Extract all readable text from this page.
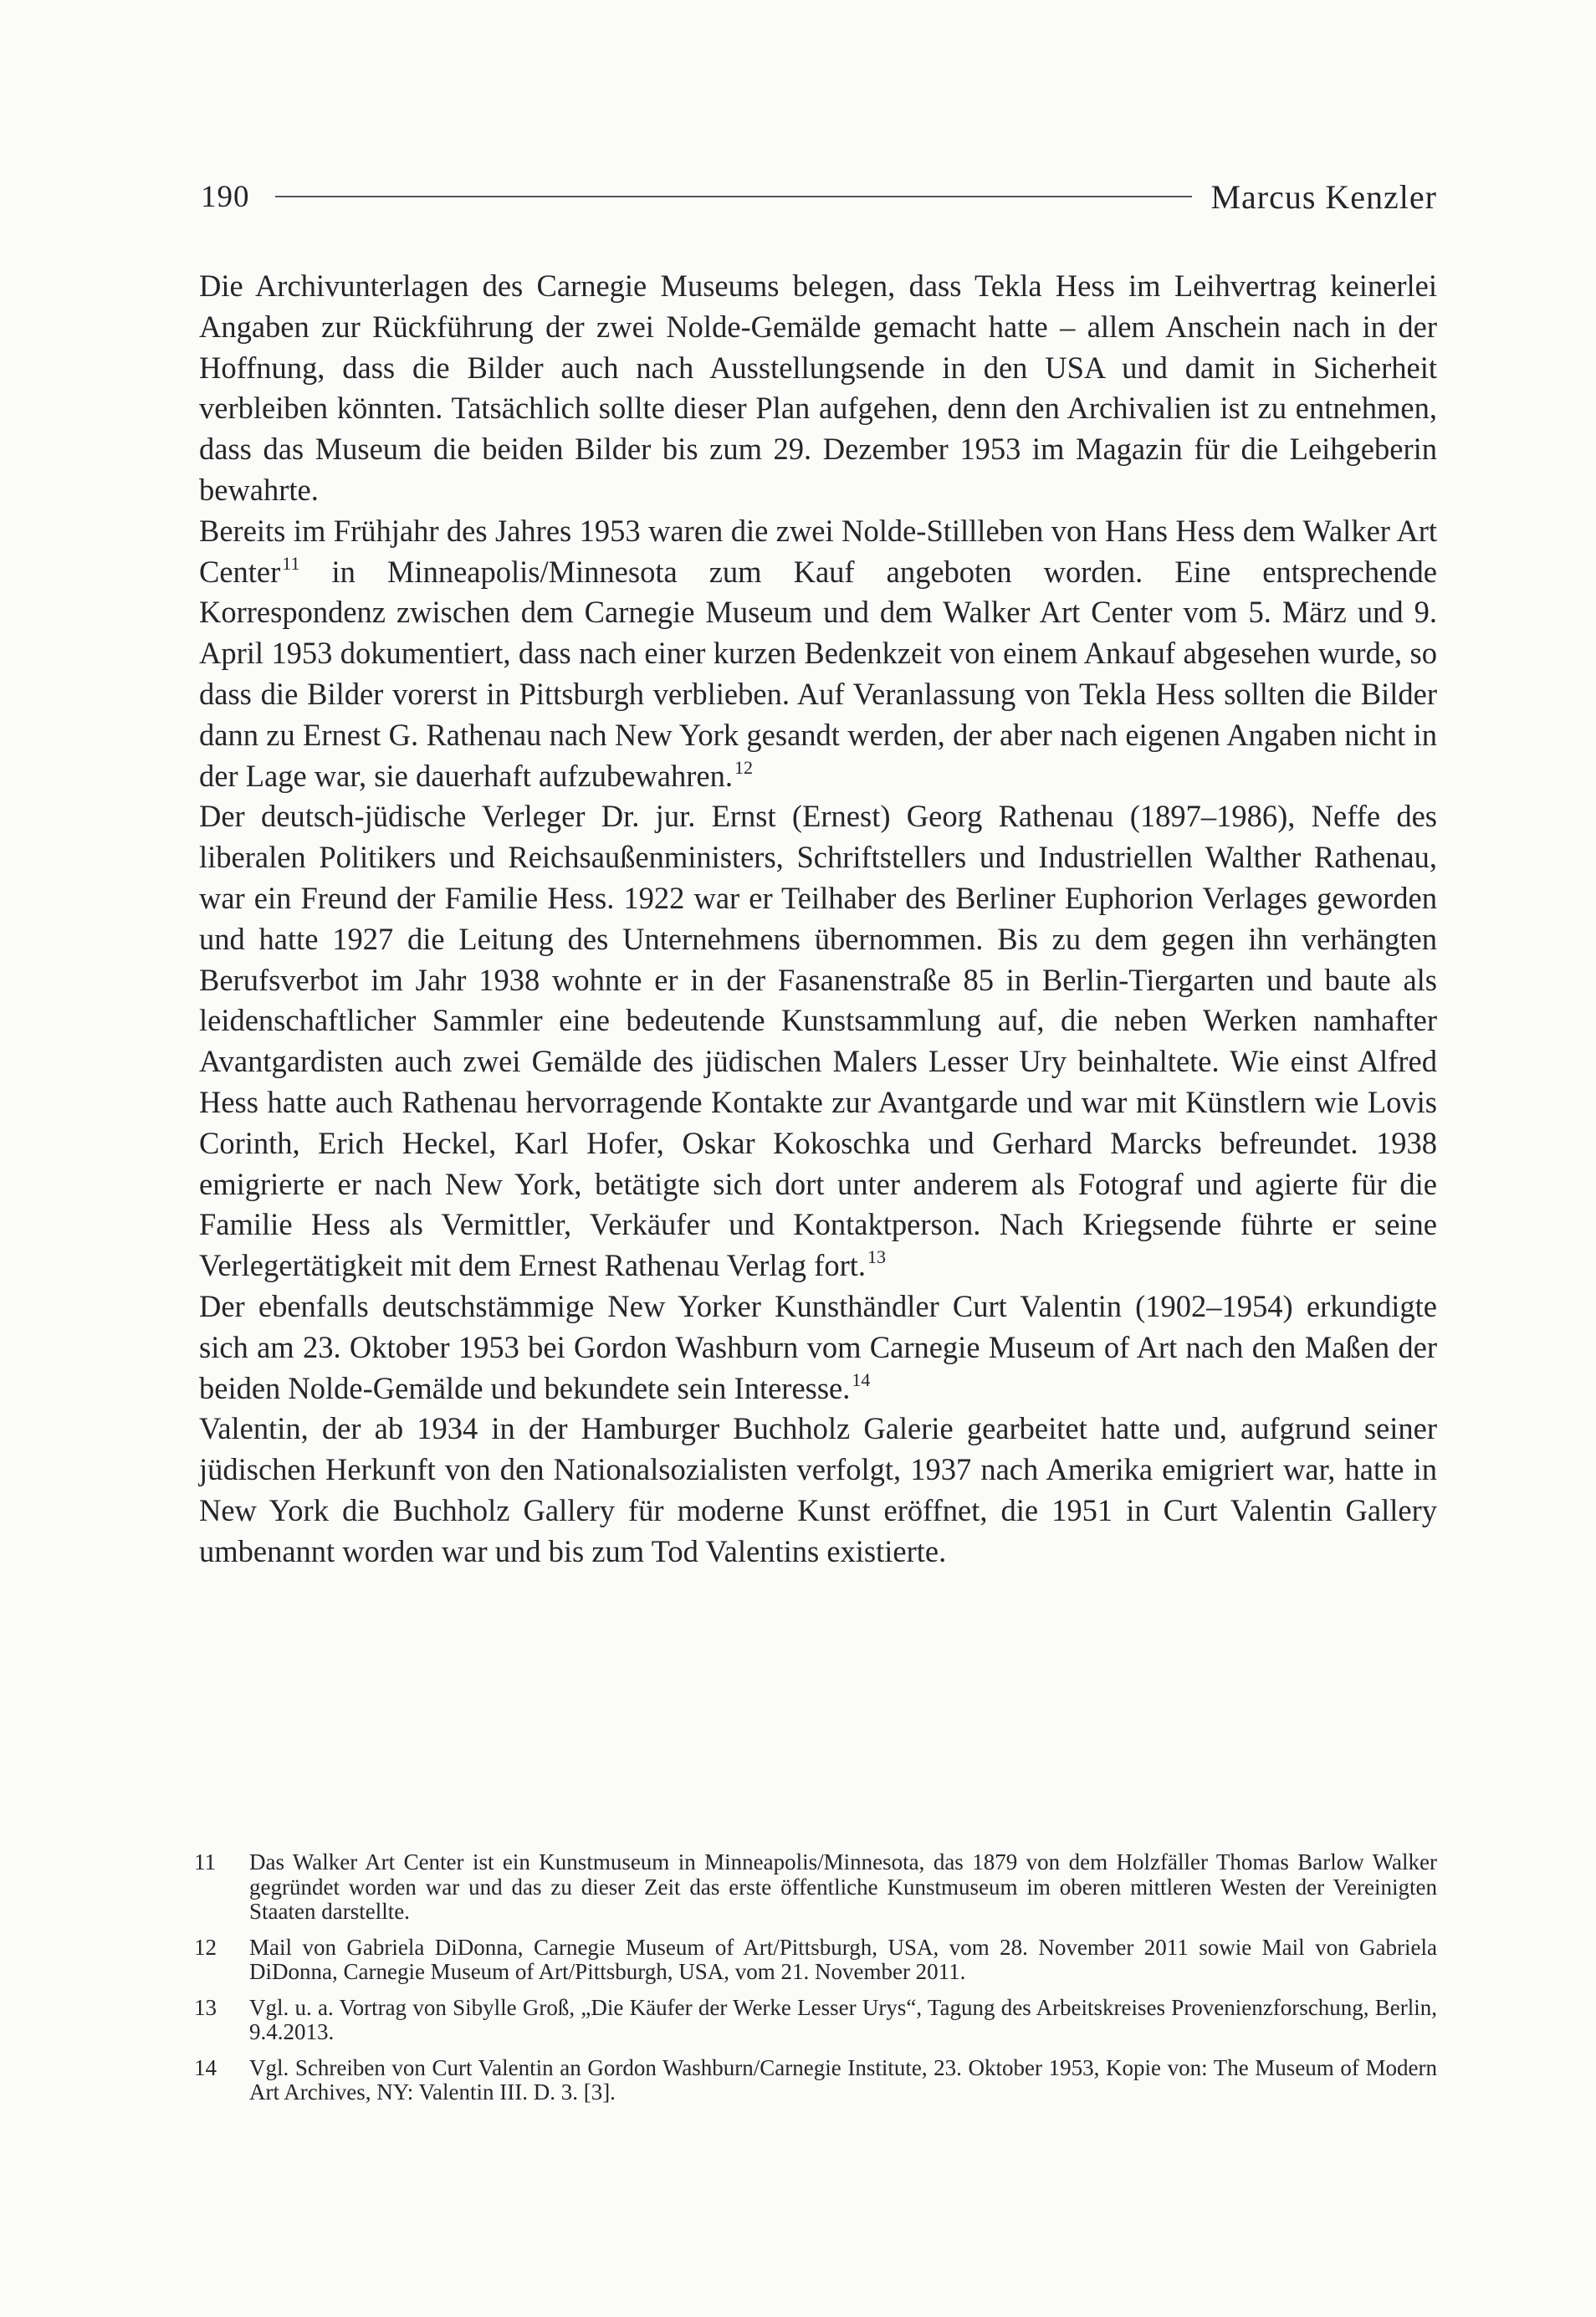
190	Marcus Kenzler

Die Archivunterlagen des Carnegie Museums belegen, dass Tekla Hess im Leihvertrag keinerlei Angaben zur Rückführung der zwei Nolde-Gemälde gemacht hatte – allem Anschein nach in der Hoffnung, dass die Bilder auch nach Ausstellungsende in den USA und damit in Sicherheit verbleiben könnten. Tatsächlich sollte dieser Plan aufgehen, denn den Archivalien ist zu entnehmen, dass das Museum die beiden Bilder bis zum 29. Dezember 1953 im Magazin für die Leihgeberin bewahrte.

Bereits im Frühjahr des Jahres 1953 waren die zwei Nolde-Stillleben von Hans Hess dem Walker Art Center$^{11}$ in Minneapolis/Minnesota zum Kauf angeboten worden. Eine entsprechende Korrespondenz zwischen dem Carnegie Museum und dem Walker Art Center vom 5. März und 9. April 1953 dokumentiert, dass nach einer kurzen Bedenkzeit von einem Ankauf abgesehen wurde, so dass die Bilder vorerst in Pittsburgh verblieben. Auf Veranlassung von Tekla Hess sollten die Bilder dann zu Ernest G. Rathenau nach New York gesandt werden, der aber nach eigenen Angaben nicht in der Lage war, sie dauerhaft aufzubewahren.$^{12}$

Der deutsch-jüdische Verleger Dr. jur. Ernst (Ernest) Georg Rathenau (1897–1986), Neffe des liberalen Politikers und Reichsaußenministers, Schriftstellers und Industriellen Walther Rathenau, war ein Freund der Familie Hess. 1922 war er Teilhaber des Berliner Euphorion Verlages geworden und hatte 1927 die Leitung des Unternehmens übernommen. Bis zu dem gegen ihn verhängten Berufsverbot im Jahr 1938 wohnte er in der Fasanenstraße 85 in Berlin-Tiergarten und baute als leidenschaftlicher Sammler eine bedeutende Kunstsammlung auf, die neben Werken namhafter Avantgardisten auch zwei Gemälde des jüdischen Malers Lesser Ury beinhaltete. Wie einst Alfred Hess hatte auch Rathenau hervorragende Kontakte zur Avantgarde und war mit Künstlern wie Lovis Corinth, Erich Heckel, Karl Hofer, Oskar Kokoschka und Gerhard Marcks befreundet. 1938 emigrierte er nach New York, betätigte sich dort unter anderem als Fotograf und agierte für die Familie Hess als Vermittler, Verkäufer und Kontaktperson. Nach Kriegsende führte er seine Verlegertätigkeit mit dem Ernest Rathenau Verlag fort.$^{13}$

Der ebenfalls deutschstämmige New Yorker Kunsthändler Curt Valentin (1902–1954) erkundigte sich am 23. Oktober 1953 bei Gordon Washburn vom Carnegie Museum of Art nach den Maßen der beiden Nolde-Gemälde und bekundete sein Interesse.$^{14}$

Valentin, der ab 1934 in der Hamburger Buchholz Galerie gearbeitet hatte und, aufgrund seiner jüdischen Herkunft von den Nationalsozialisten verfolgt, 1937 nach Amerika emigriert war, hatte in New York die Buchholz Gallery für moderne Kunst eröffnet, die 1951 in Curt Valentin Gallery umbenannt worden war und bis zum Tod Valentins existierte.

11	Das Walker Art Center ist ein Kunstmuseum in Minneapolis/Minnesota, das 1879 von dem Holzfäller Thomas Barlow Walker gegründet worden war und das zu dieser Zeit das erste öffentliche Kunstmuseum im oberen mittleren Westen der Vereinigten Staaten darstellte.
12	Mail von Gabriela DiDonna, Carnegie Museum of Art/Pittsburgh, USA, vom 28. November 2011 sowie Mail von Gabriela DiDonna, Carnegie Museum of Art/Pittsburgh, USA, vom 21. November 2011.
13	Vgl. u. a. Vortrag von Sibylle Groß, „Die Käufer der Werke Lesser Urys“, Tagung des Arbeitskreises Provenienzforschung, Berlin, 9.4.2013.
14	Vgl. Schreiben von Curt Valentin an Gordon Washburn/Carnegie Institute, 23. Oktober 1953, Kopie von: The Museum of Modern Art Archives, NY: Valentin III. D. 3. [3].
